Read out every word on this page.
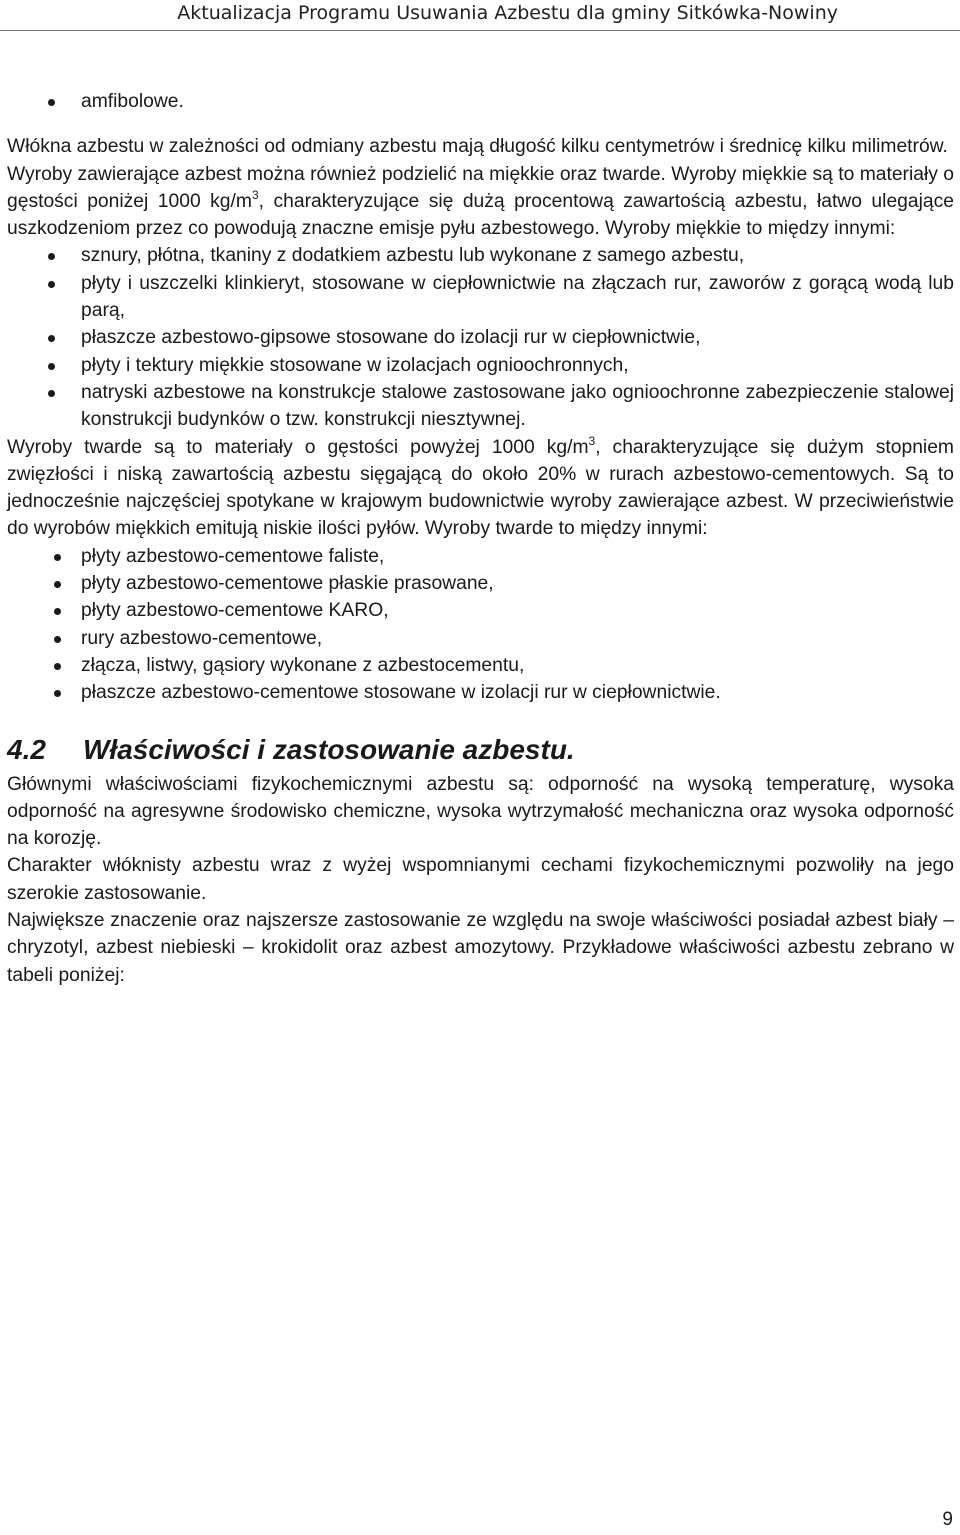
Aktualizacja Programu Usuwania Azbestu dla gminy Sitkówka-Nowiny
amfibolowe.

Włókna azbestu w zależności od odmiany azbestu mają długość kilku centymetrów i średnicę kilku milimetrów.

Wyroby zawierające azbest można również podzielić na miękkie oraz twarde. Wyroby miękkie są to materiały o gęstości poniżej 1000 $kg/m^3$, charakteryzujące się dużą procentową zawartością azbestu, łatwo ulegające uszkodzeniom przez co powodują znaczne emisje pyłu azbestowego. Wyroby miękkie to między innymi:

sznury, płótna, tkaniny z dodatkiem azbestu lub wykonane z samego azbestu,
płyty i uszczelki klinkieryt, stosowane w ciepłownictwie na złączach rur, zaworów z gorącą wodą lub parą,
płaszcze azbestowo-gipsowe stosowane do izolacji rur w ciepłownictwie,
płyty i tektury miękkie stosowane w izolacjach ognioochronnych,
natryski azbestowe na konstrukcje stalowe zastosowane jako ognioochronne zabezpieczenie stalowej konstrukcji budynków o tzw. konstrukcji niesztywnej.

Wyroby twarde są to materiały o gęstości powyżej 1000 $kg/m^3$, charakteryzujące się dużym stopniem zwięzłości i niską zawartością azbestu sięgającą do około 20% w rurach azbestowo-cementowych. Są to jednocześnie najczęściej spotykane w krajowym budownictwie wyroby zawierające azbest. W przeciwieństwie do wyrobów miękkich emitują niskie ilości pyłów. Wyroby twarde to między innymi:

płyty azbestowo-cementowe faliste,
płyty azbestowo-cementowe płaskie prasowane,
płyty azbestowo-cementowe KARO,
rury azbestowo-cementowe,
złącza, listwy, gąsiory wykonane z azbestocementu,
płaszcze azbestowo-cementowe stosowane w izolacji rur w ciepłownictwie.
4.2	Właściwości i zastosowanie azbestu.

Głównymi właściwościami fizykochemicznymi azbestu są: odporność na wysoką temperaturę, wysoka odporność na agresywne środowisko chemiczne, wysoka wytrzymałość mechaniczna oraz wysoka odporność na korozję.

Charakter włóknisty azbestu wraz z wyżej wspomnianymi cechami fizykochemicznymi pozwoliły na jego szerokie zastosowanie.

Największe znaczenie oraz najszersze zastosowanie ze względu na swoje właściwości posiadał azbest biały – chryzotyl, azbest niebieski – krokidolit oraz azbest amozytowy. Przykładowe właściwości azbestu zebrano w tabeli poniżej:

9
